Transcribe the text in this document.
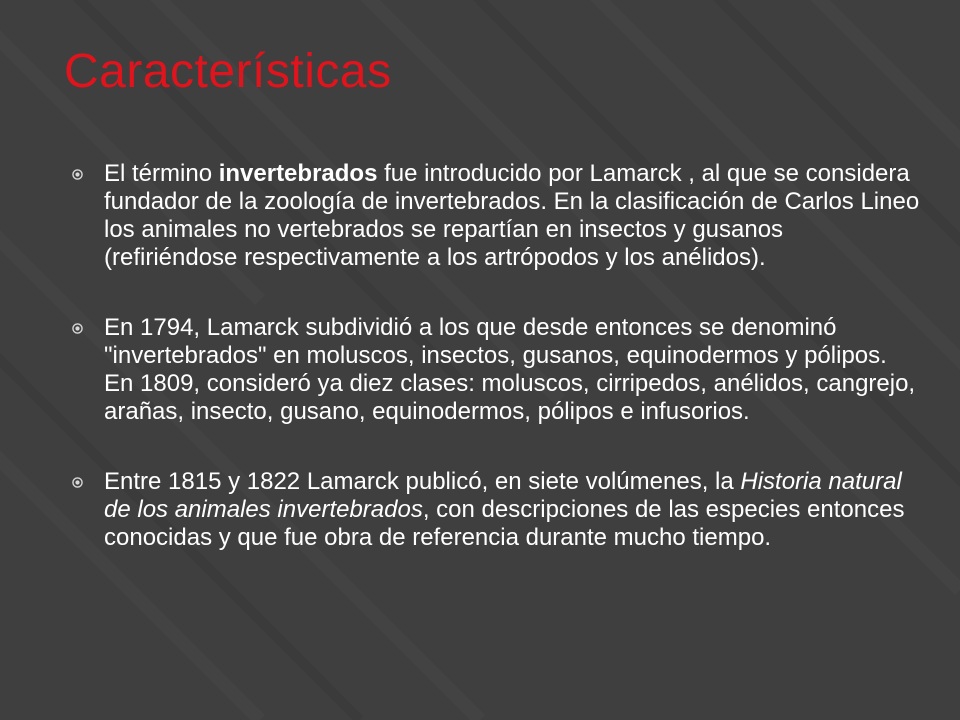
Características
El término invertebrados fue introducido por Lamarck , al que se considera fundador de la zoología de invertebrados. En la clasificación de Carlos Lineo los animales no vertebrados se repartían en insectos y gusanos (refiriéndose respectivamente a los artrópodos y los anélidos).
En 1794, Lamarck subdividió a los que desde entonces se denominó "invertebrados" en moluscos, insectos, gusanos, equinodermos y pólipos. En 1809, consideró ya diez clases: moluscos, cirripedos, anélidos, cangrejo, arañas, insecto, gusano, equinodermos, pólipos e infusorios.
Entre 1815 y 1822 Lamarck publicó, en siete volúmenes, la Historia natural de los animales invertebrados, con descripciones de las especies entonces conocidas y que fue obra de referencia durante mucho tiempo.
